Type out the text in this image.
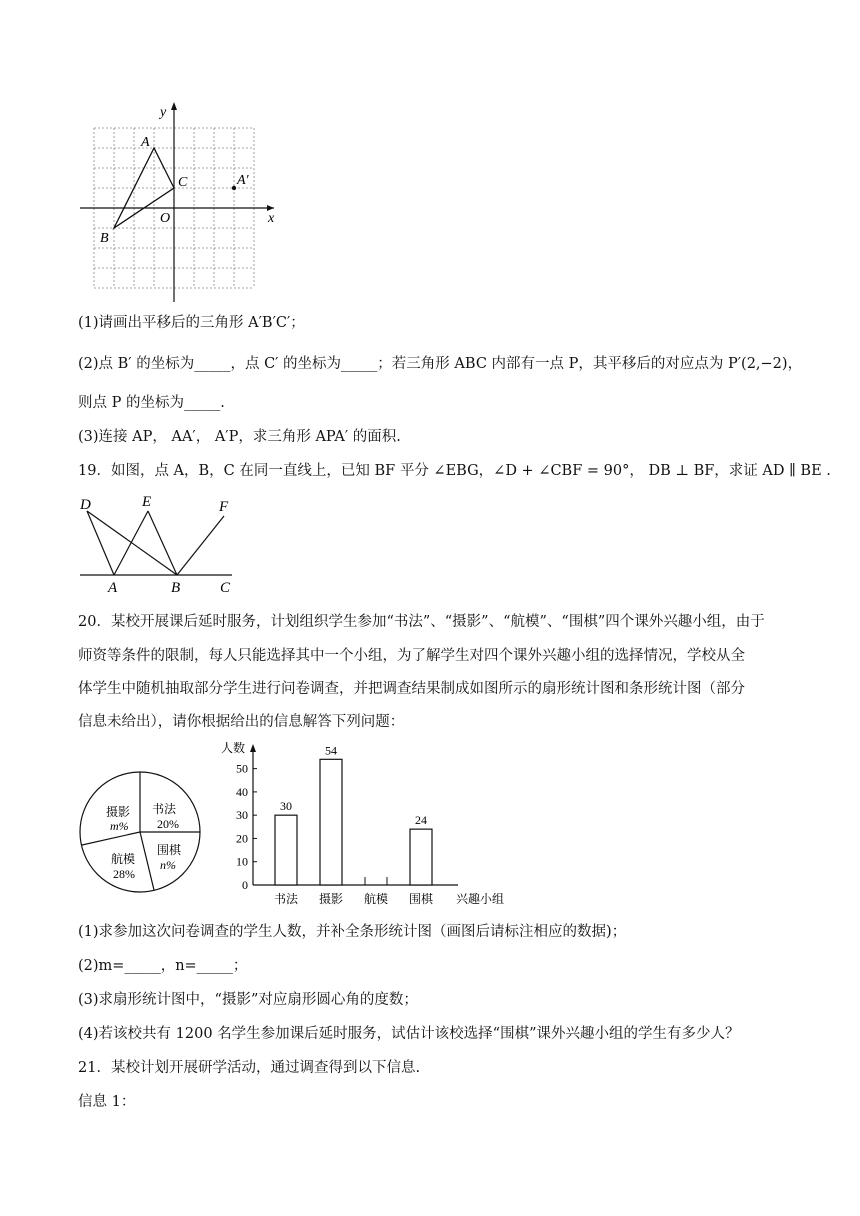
y
x
A
B
C
O
A′
(1)请画出平移后的三角形 A′B′C′；
(2)点 B′ 的坐标为_____，点 C′ 的坐标为_____；若三角形 ABC 内部有一点 P，其平移后的对应点为 P′(2,−2)，
则点 P 的坐标为_____.
(3)连接 AP， AA′， A′P，求三角形 APA′ 的面积.
19．如图，点 A，B，C 在同一直线上，已知 BF 平分 ∠EBG，∠D + ∠CBF = 90°， DB ⊥ BF，求证 AD ∥ BE .
D	E	F
A	B	C
20．某校开展课后延时服务，计划组织学生参加“书法”、“摄影”、“航模”、“围棋”四个课外兴趣小组，由于
师资等条件的限制，每人只能选择其中一个小组，为了解学生对四个课外兴趣小组的选择情况，学校从全
体学生中随机抽取部分学生进行问卷调查，并把调查结果制成如图所示的扇形统计图和条形统计图（部分
信息未给出），请你根据给出的信息解答下列问题：
摄影
m%
书法
20%
围棋
n%
航模
28%
人数
0
10
20
30
40
50
30
书法
54
摄影 航模
24
围棋 兴趣小组
(1)求参加这次问卷调查的学生人数，并补全条形统计图（画图后请标注相应的数据)；
(2)m=_____，n=_____；
(3)求扇形统计图中，“摄影”对应扇形圆心角的度数；
(4)若该校共有 1200 名学生参加课后延时服务，试估计该校选择“围棋”课外兴趣小组的学生有多少人？
21．某校计划开展研学活动，通过调查得到以下信息.
信息 1：
